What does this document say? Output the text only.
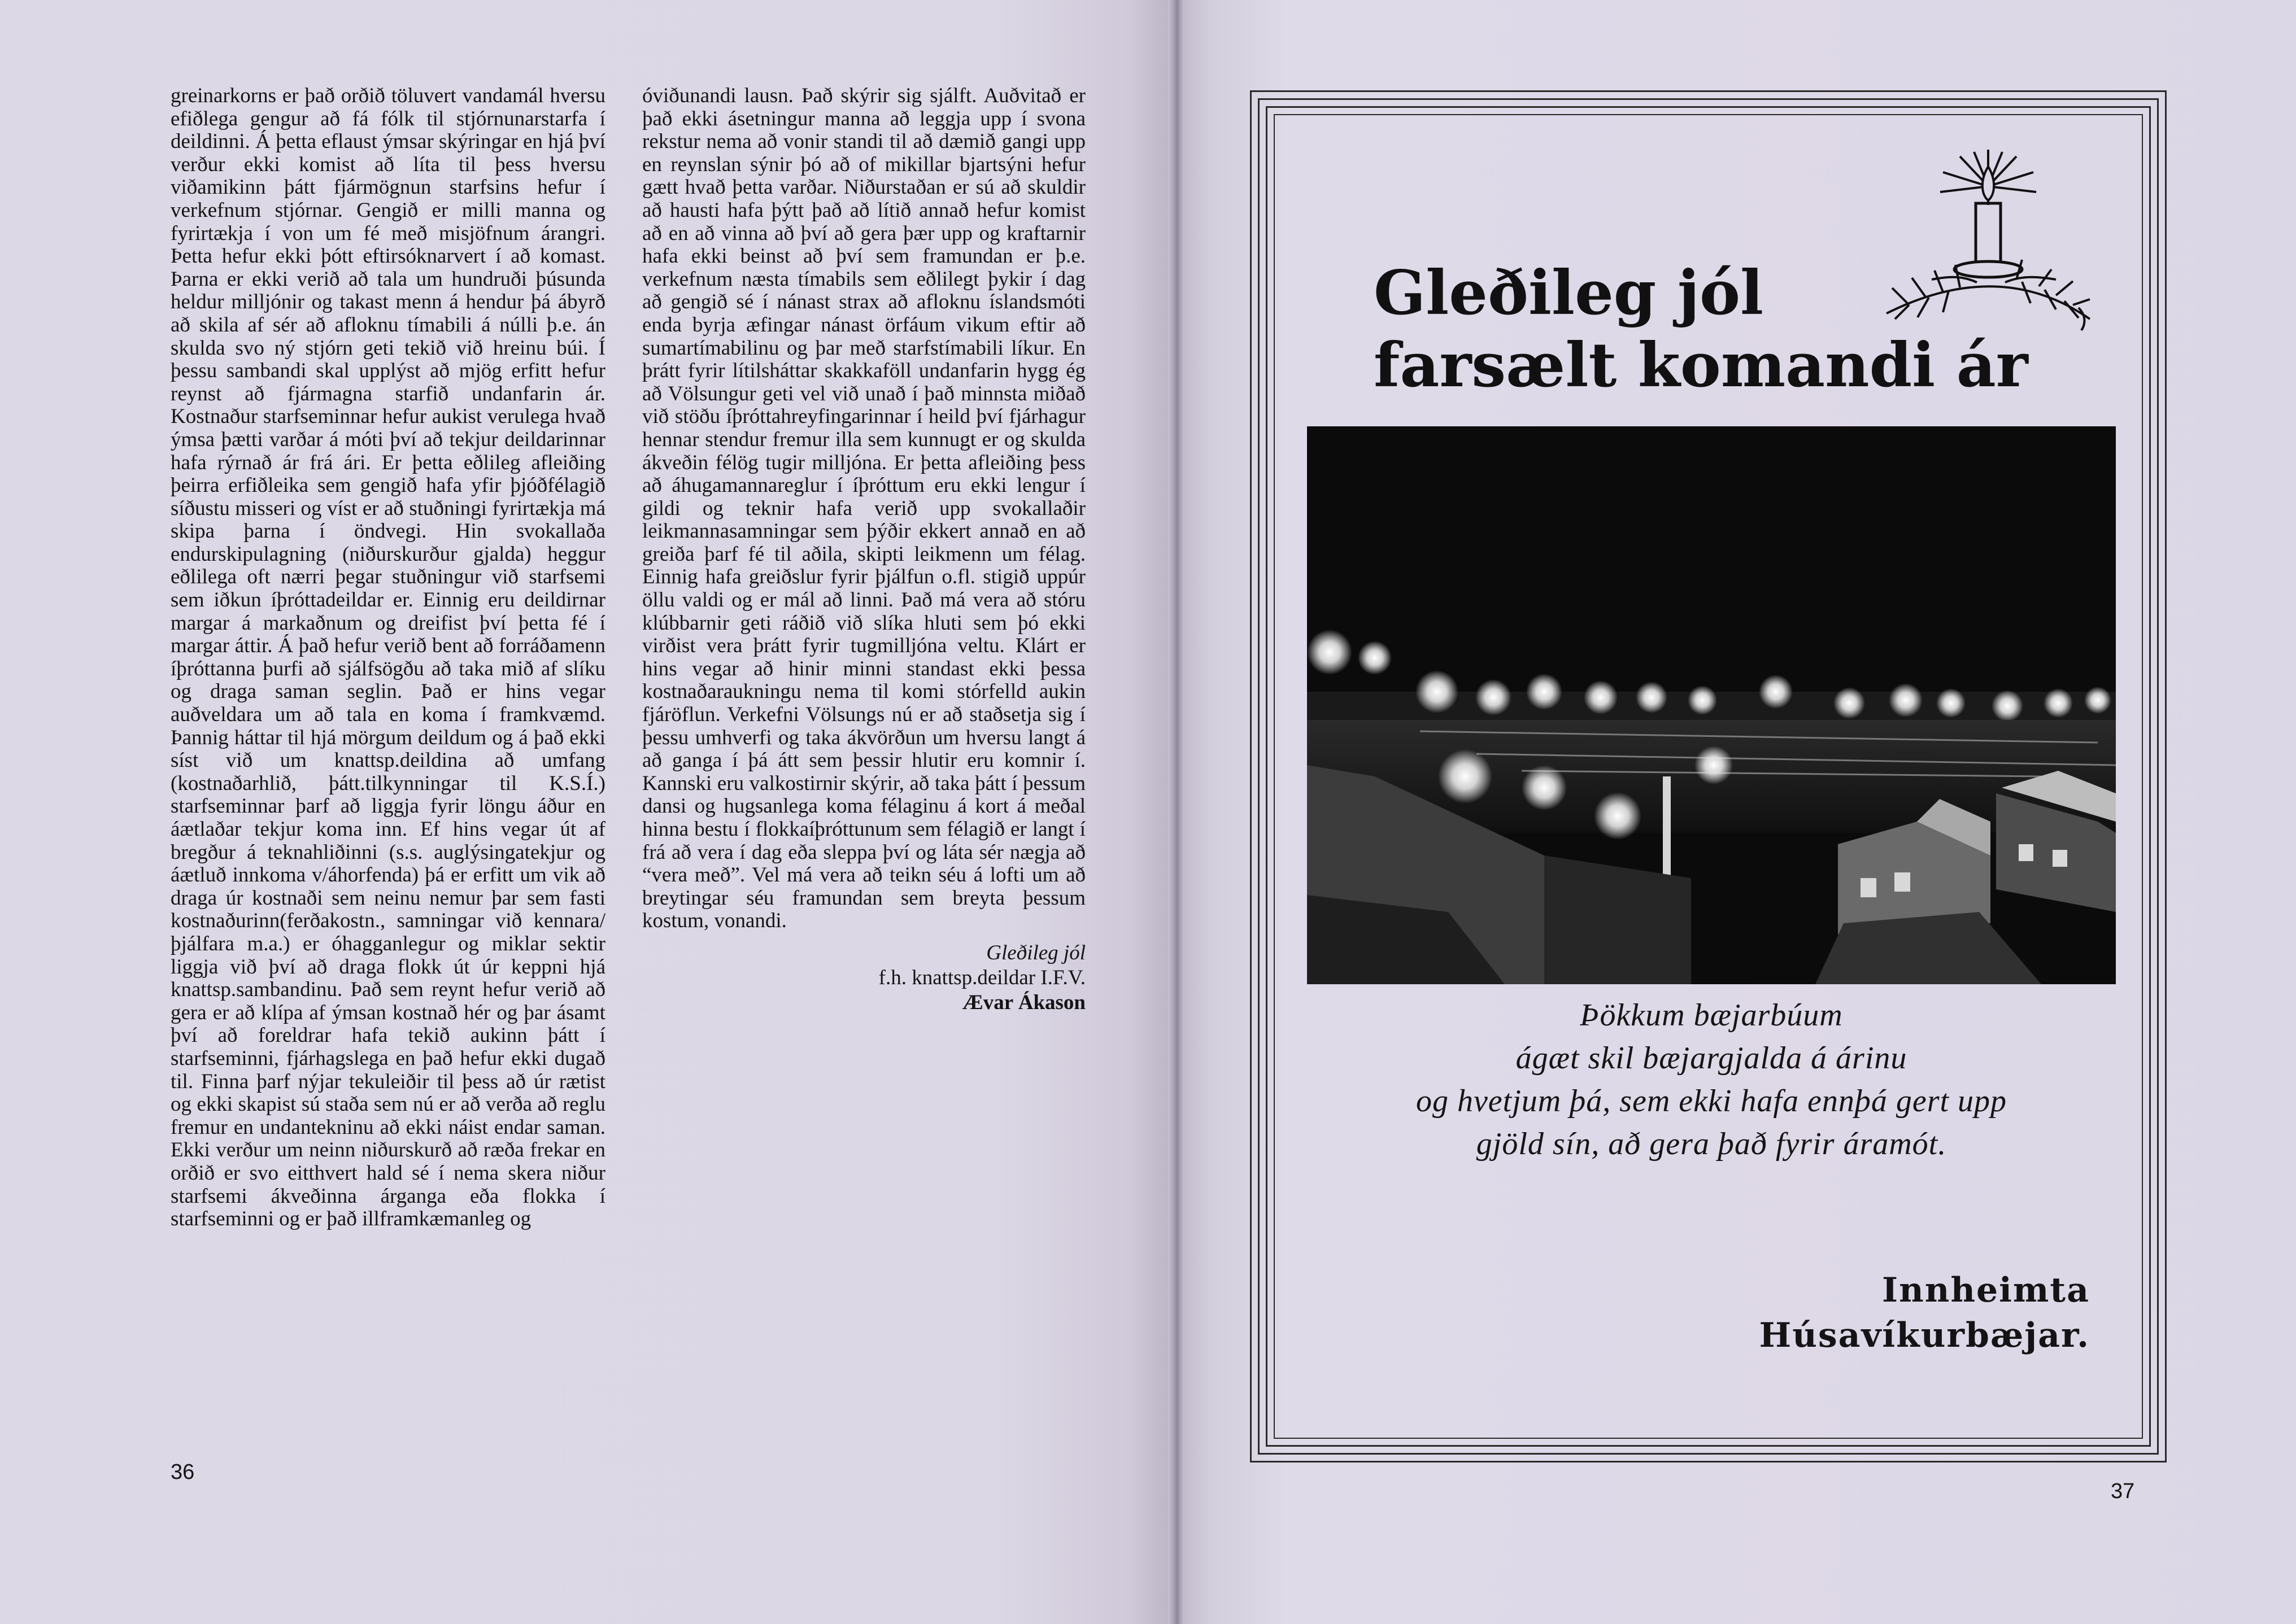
greinarkorns er það orðið töluvert vandamál hversu efiðlega gengur að fá fólk til stjórnunarstarfa í deildinni. Á þetta eflaust ýmsar skýringar en hjá því verður ekki komist að líta til þess hversu viðamikinn þátt fjármögnun starfsins hefur í verkefnum stjórnar. Gengið er milli manna og fyrirtækja í von um fé með misjöfnum árangri. Þetta hefur ekki þótt eftirsóknarvert í að komast. Þarna er ekki verið að tala um hundruði þúsunda heldur milljónir og takast menn á hendur þá ábyrð að skila af sér að afloknu tímabili á núlli þ.e. án skulda svo ný stjórn geti tekið við hreinu búi. Í þessu sambandi skal upplýst að mjög erfitt hefur reynst að fjármagna starfið undanfarin ár. Kostnaður starfseminnar hefur aukist verulega hvað ýmsa þætti varðar á móti því að tekjur deildarinnar hafa rýrnað ár frá ári. Er þetta eðlileg afleiðing þeirra erfiðleika sem gengið hafa yfir þjóðfélagið síðustu misseri og víst er að stuðningi fyrirtækja má skipa þarna í öndvegi. Hin svokallaða endurskipulagning (niðurskurður gjalda) heggur eðlilega oft nærri þegar stuðningur við starfsemi sem iðkun íþróttadeildar er. Einnig eru deildirnar margar á markaðnum og dreifist því þetta fé í margar áttir. Á það hefur verið bent að forráðamenn íþróttanna þurfi að sjálfsögðu að taka mið af slíku og draga saman seglin. Það er hins vegar auðveldara um að tala en koma í framkvæmd. Þannig háttar til hjá mörgum deildum og á það ekki síst við um knattsp.deildina að umfang (kostnaðarhlið, þátt.tilkynningar til K.S.Í.) starfseminnar þarf að liggja fyrir löngu áður en áætlaðar tekjur koma inn. Ef hins vegar út af bregður á teknahliðinni (s.s. auglýsingatekjur og áætluð innkoma v/áhorfenda) þá er erfitt um vik að draga úr kostnaði sem neinu nemur þar sem fasti kostnaðurinn(ferðakostn., samningar við kennara/þjálfara m.a.) er óhagganlegur og miklar sektir liggja við því að draga flokk út úr keppni hjá knattsp.sambandinu. Það sem reynt hefur verið að gera er að klípa af ýmsan kostnað hér og þar ásamt því að foreldrar hafa tekið aukinn þátt í starfseminni, fjárhagslega en það hefur ekki dugað til. Finna þarf nýjar tekuleiðir til þess að úr rætist og ekki skapist sú staða sem nú er að verða að reglu fremur en undantekninu að ekki náist endar saman. Ekki verður um neinn niðurskurð að ræða frekar en orðið er svo eitthvert hald sé í nema skera niður starfsemi ákveðinna árganga eða flokka í starfseminni og er það illframkæmanleg og

óviðunandi lausn. Það skýrir sig sjálft. Auðvitað er það ekki ásetningur manna að leggja upp í svona rekstur nema að vonir standi til að dæmið gangi upp en reynslan sýnir þó að of mikillar bjartsýni hefur gætt hvað þetta varðar. Niðurstaðan er sú að skuldir að hausti hafa þýtt það að lítið annað hefur komist að en að vinna að því að gera þær upp og kraftarnir hafa ekki beinst að því sem framundan er þ.e. verkefnum næsta tímabils sem eðlilegt þykir í dag að gengið sé í nánast strax að afloknu íslandsmóti enda byrja æfingar nánast örfáum vikum eftir að sumartímabilinu og þar með starfstímabili líkur. En þrátt fyrir lítilsháttar skakkaföll undanfarin hygg ég að Völsungur geti vel við unað í það minnsta miðað við stöðu íþróttahreyfingarinnar í heild því fjárhagur hennar stendur fremur illa sem kunnugt er og skulda ákveðin félög tugir milljóna. Er þetta afleiðing þess að áhugamannareglur í íþróttum eru ekki lengur í gildi og teknir hafa verið upp svokallaðir leikmannasamningar sem þýðir ekkert annað en að greiða þarf fé til aðila, skipti leikmenn um félag. Einnig hafa greiðslur fyrir þjálfun o.fl. stigið uppúr öllu valdi og er mál að linni. Það má vera að stóru klúbbarnir geti ráðið við slíka hluti sem þó ekki virðist vera þrátt fyrir tugmilljóna veltu. Klárt er hins vegar að hinir minni standast ekki þessa kostnaðaraukningu nema til komi stórfelld aukin fjáröflun. Verkefni Völsungs nú er að staðsetja sig í þessu umhverfi og taka ákvörðun um hversu langt á að ganga í þá átt sem þessir hlutir eru komnir í. Kannski eru valkostirnir skýrir, að taka þátt í þessum dansi og hugsanlega koma félaginu á kort á meðal hinna bestu í flokkaíþróttunum sem félagið er langt í frá að vera í dag eða sleppa því og láta sér nægja að “vera með”. Vel má vera að teikn séu á lofti um að breytingar séu framundan sem breyta þessum kostum, vonandi.

Gleðileg jól
f.h. knattsp.deildar I.F.V.
Ævar Ákason
36
Gleðileg jól
farsælt komandi ár
Þökkum bæjarbúum
ágæt skil bæjargjalda á árinu
og hvetjum þá, sem ekki hafa ennþá gert upp
gjöld sín, að gera það fyrir áramót.
Innheimta
Húsavíkurbæjar.
37
